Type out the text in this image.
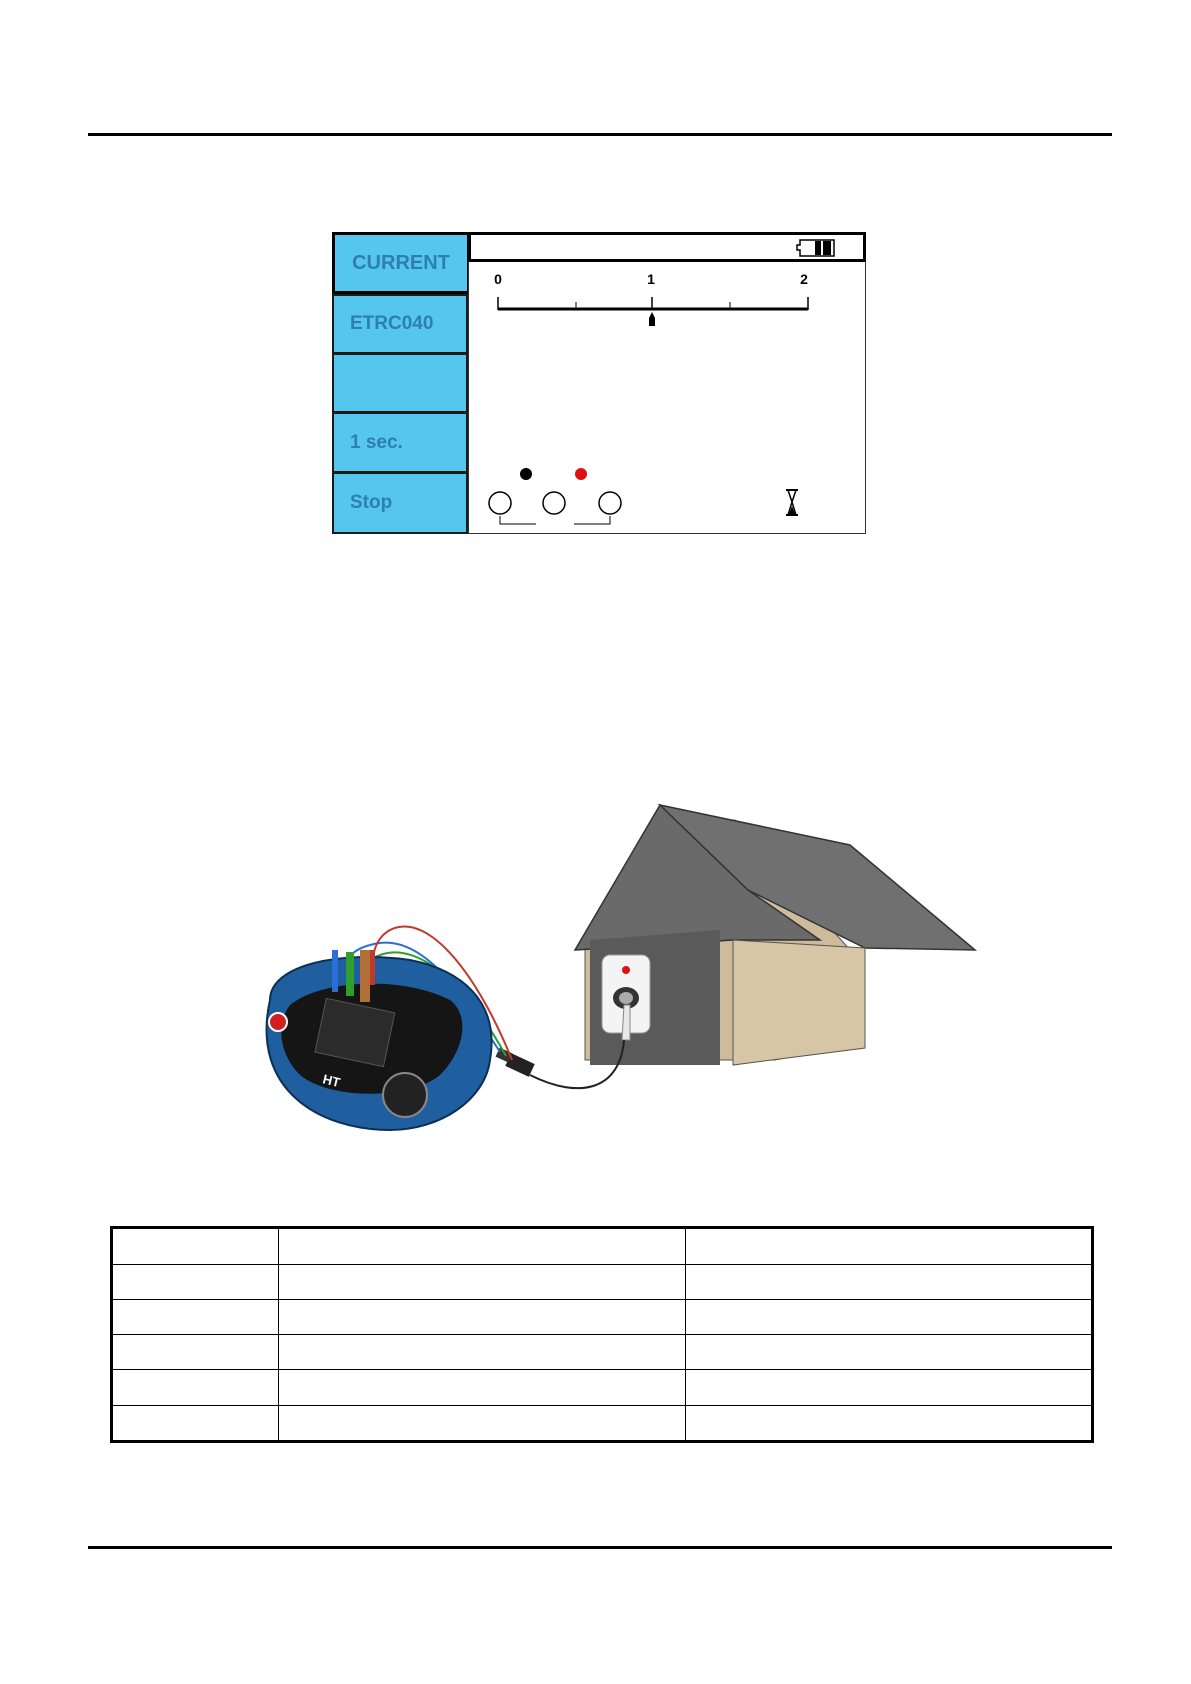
CURRENT
ETRC040
1 sec.
Stop
0	1	2
HT
